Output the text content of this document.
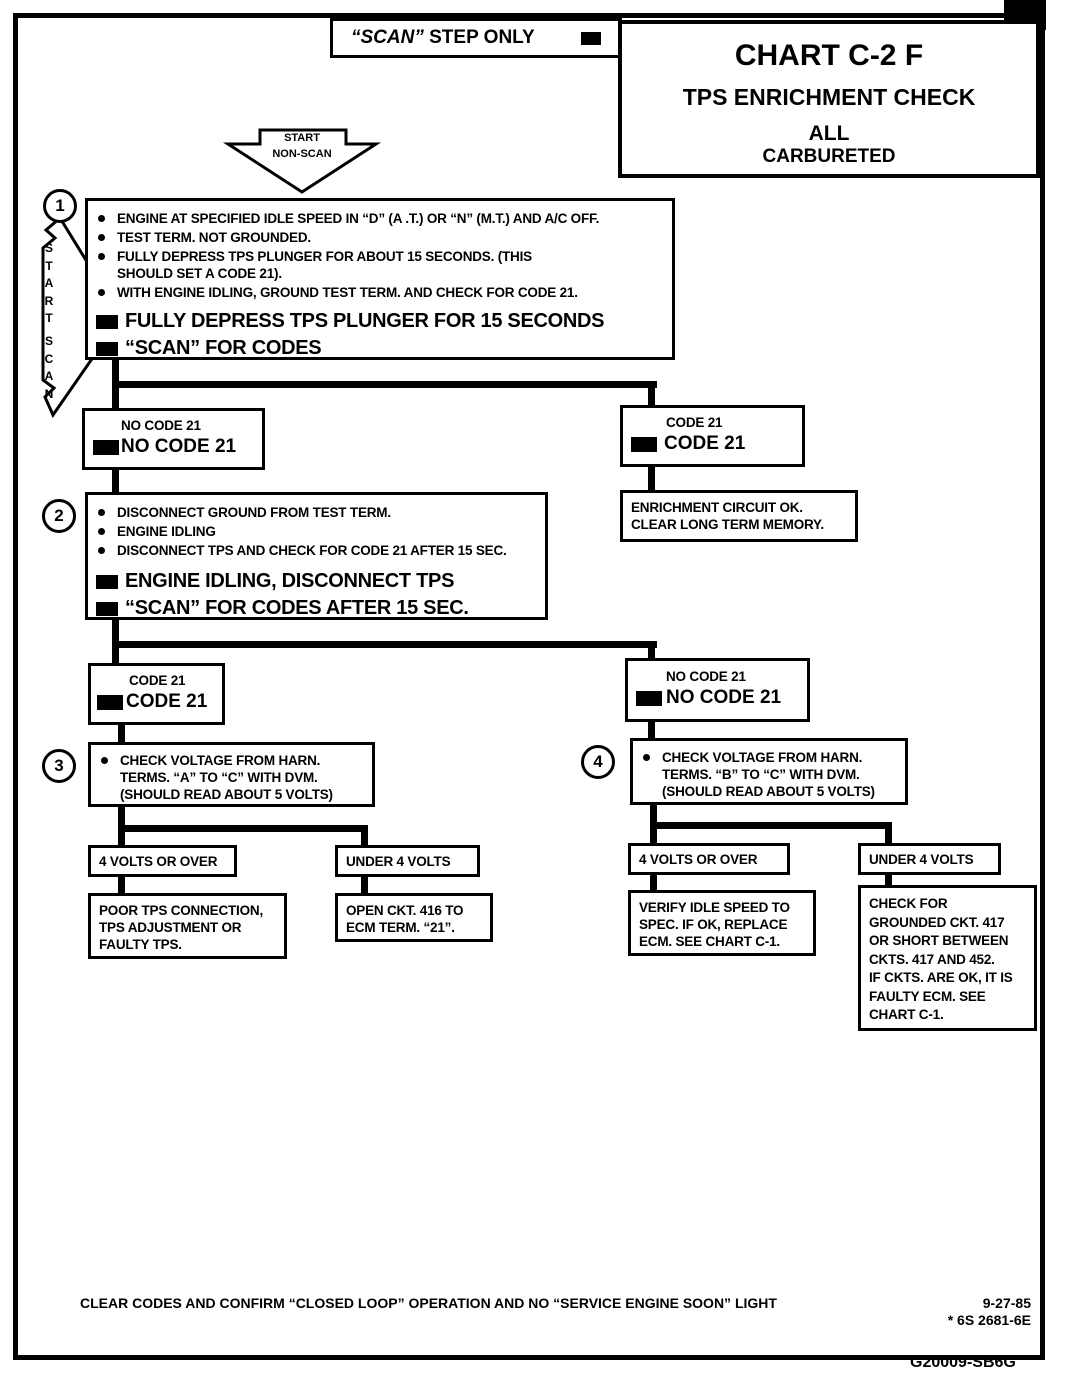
“SCAN” STEP ONLY
CHART C-2 F
TPS ENRICHMENT CHECK
ALL
CARBURETED
START
NON-SCAN
START
SCAN
1
2
3	4
ENGINE AT SPECIFIED IDLE SPEED IN “D” (A .T.) OR “N” (M.T.) AND A/C OFF.
TEST TERM. NOT GROUNDED.
FULLY DEPRESS TPS PLUNGER FOR ABOUT 15 SECONDS. (THIS SHOULD SET A CODE 21).
WITH ENGINE IDLING, GROUND TEST TERM. AND CHECK FOR CODE 21.
FULLY DEPRESS TPS PLUNGER FOR 15 SECONDS
“SCAN” FOR CODES
NO CODE 21
NO CODE 21
CODE 21
CODE 21
ENRICHMENT CIRCUIT OK.
CLEAR LONG TERM MEMORY.
DISCONNECT GROUND FROM TEST TERM.
ENGINE IDLING
DISCONNECT TPS AND CHECK FOR CODE 21 AFTER 15 SEC.
ENGINE IDLING, DISCONNECT TPS
“SCAN” FOR CODES AFTER 15 SEC.
CODE 21
CODE 21
NO CODE 21
NO CODE 21
CHECK VOLTAGE FROM HARN.
TERMS. “A” TO “C” WITH DVM.
(SHOULD READ ABOUT 5 VOLTS)
CHECK VOLTAGE FROM HARN.
TERMS. “B” TO “C” WITH DVM.
(SHOULD READ ABOUT 5 VOLTS)
4 VOLTS OR OVER	UNDER 4 VOLTS
POOR TPS CONNECTION,
TPS ADJUSTMENT OR
FAULTY TPS.
OPEN CKT. 416 TO
ECM TERM. “21”.
4 VOLTS OR OVER	UNDER 4 VOLTS
VERIFY IDLE SPEED TO
SPEC. IF OK, REPLACE
ECM. SEE CHART C-1.
CHECK FOR
GROUNDED CKT. 417
OR SHORT BETWEEN
CKTS. 417 AND 452.
IF CKTS. ARE OK, IT IS
FAULTY ECM. SEE
CHART C-1.
CLEAR CODES AND CONFIRM “CLOSED LOOP” OPERATION AND NO “SERVICE ENGINE SOON” LIGHT	9-27-85
* 6S 2681-6E
G20009-SB6G
